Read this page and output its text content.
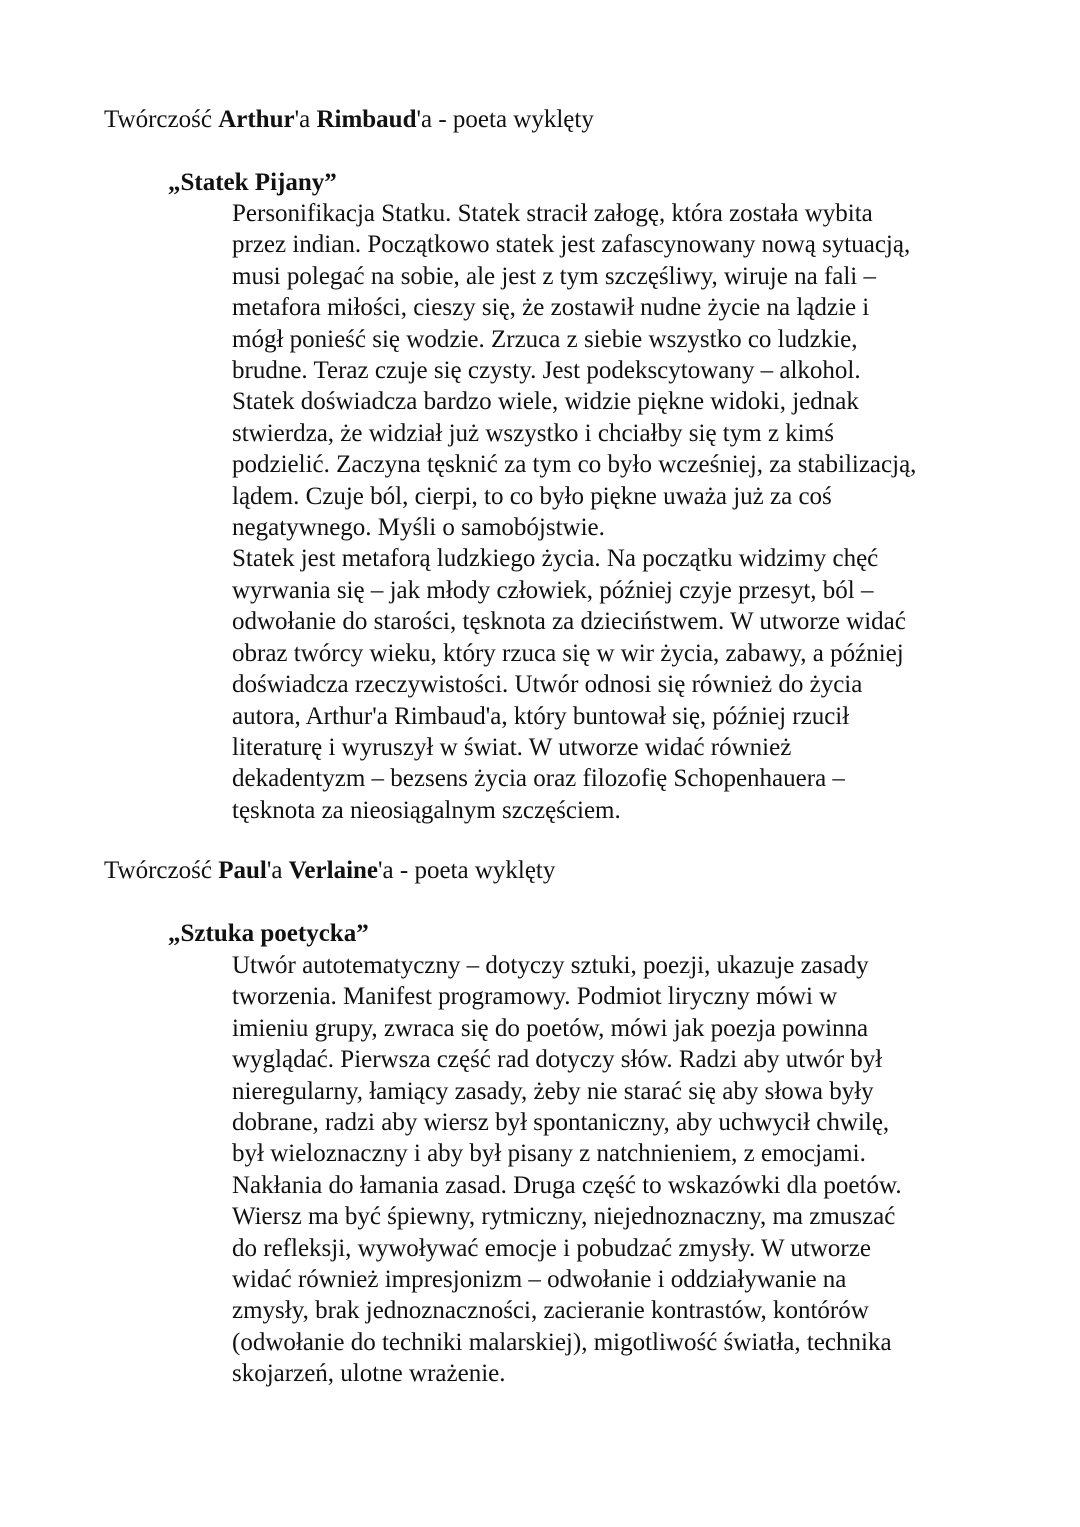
Twórczość Arthur'a Rimbaud'a - poeta wyklęty
„Statek Pijany”
Personifikacja Statku. Statek stracił załogę, która została wybita
przez indian. Początkowo statek jest zafascynowany nową sytuacją,
musi polegać na sobie, ale jest z tym szczęśliwy, wiruje na fali –
metafora miłości, cieszy się, że zostawił nudne życie na lądzie i
mógł ponieść się wodzie. Zrzuca z siebie wszystko co ludzkie,
brudne. Teraz czuje się czysty. Jest podekscytowany – alkohol.
Statek doświadcza bardzo wiele, widzie piękne widoki, jednak
stwierdza, że widział już wszystko i chciałby się tym z kimś
podzielić. Zaczyna tęsknić za tym co było wcześniej, za stabilizacją,
lądem. Czuje ból, cierpi, to co było piękne uważa już za coś
negatywnego. Myśli o samobójstwie.
Statek jest metaforą ludzkiego życia. Na początku widzimy chęć
wyrwania się – jak młody człowiek, później czyje przesyt, ból –
odwołanie do starości, tęsknota za dzieciństwem. W utworze widać
obraz twórcy wieku, który rzuca się w wir życia, zabawy, a później
doświadcza rzeczywistości. Utwór odnosi się również do życia
autora, Arthur'a Rimbaud'a, który buntował się, później rzucił
literaturę i wyruszył w świat. W utworze widać również
dekadentyzm – bezsens życia oraz filozofię Schopenhauera –
tęsknota za nieosiągalnym szczęściem.
Twórczość Paul'a Verlaine'a - poeta wyklęty
„Sztuka poetycka”
Utwór autotematyczny – dotyczy sztuki, poezji, ukazuje zasady
tworzenia. Manifest programowy. Podmiot liryczny mówi w
imieniu grupy, zwraca się do poetów, mówi jak poezja powinna
wyglądać. Pierwsza część rad dotyczy słów. Radzi aby utwór był
nieregularny, łamiący zasady, żeby nie starać się aby słowa były
dobrane, radzi aby wiersz był spontaniczny, aby uchwycił chwilę,
był wieloznaczny i aby był pisany z natchnieniem, z emocjami.
Nakłania do łamania zasad. Druga część to wskazówki dla poetów.
Wiersz ma być śpiewny, rytmiczny, niejednoznaczny, ma zmuszać
do refleksji, wywoływać emocje i pobudzać zmysły. W utworze
widać również impresjonizm – odwołanie i oddziaływanie na
zmysły, brak jednoznaczności, zacieranie kontrastów, kontórów
(odwołanie do techniki malarskiej), migotliwość światła, technika
skojarzeń, ulotne wrażenie.
